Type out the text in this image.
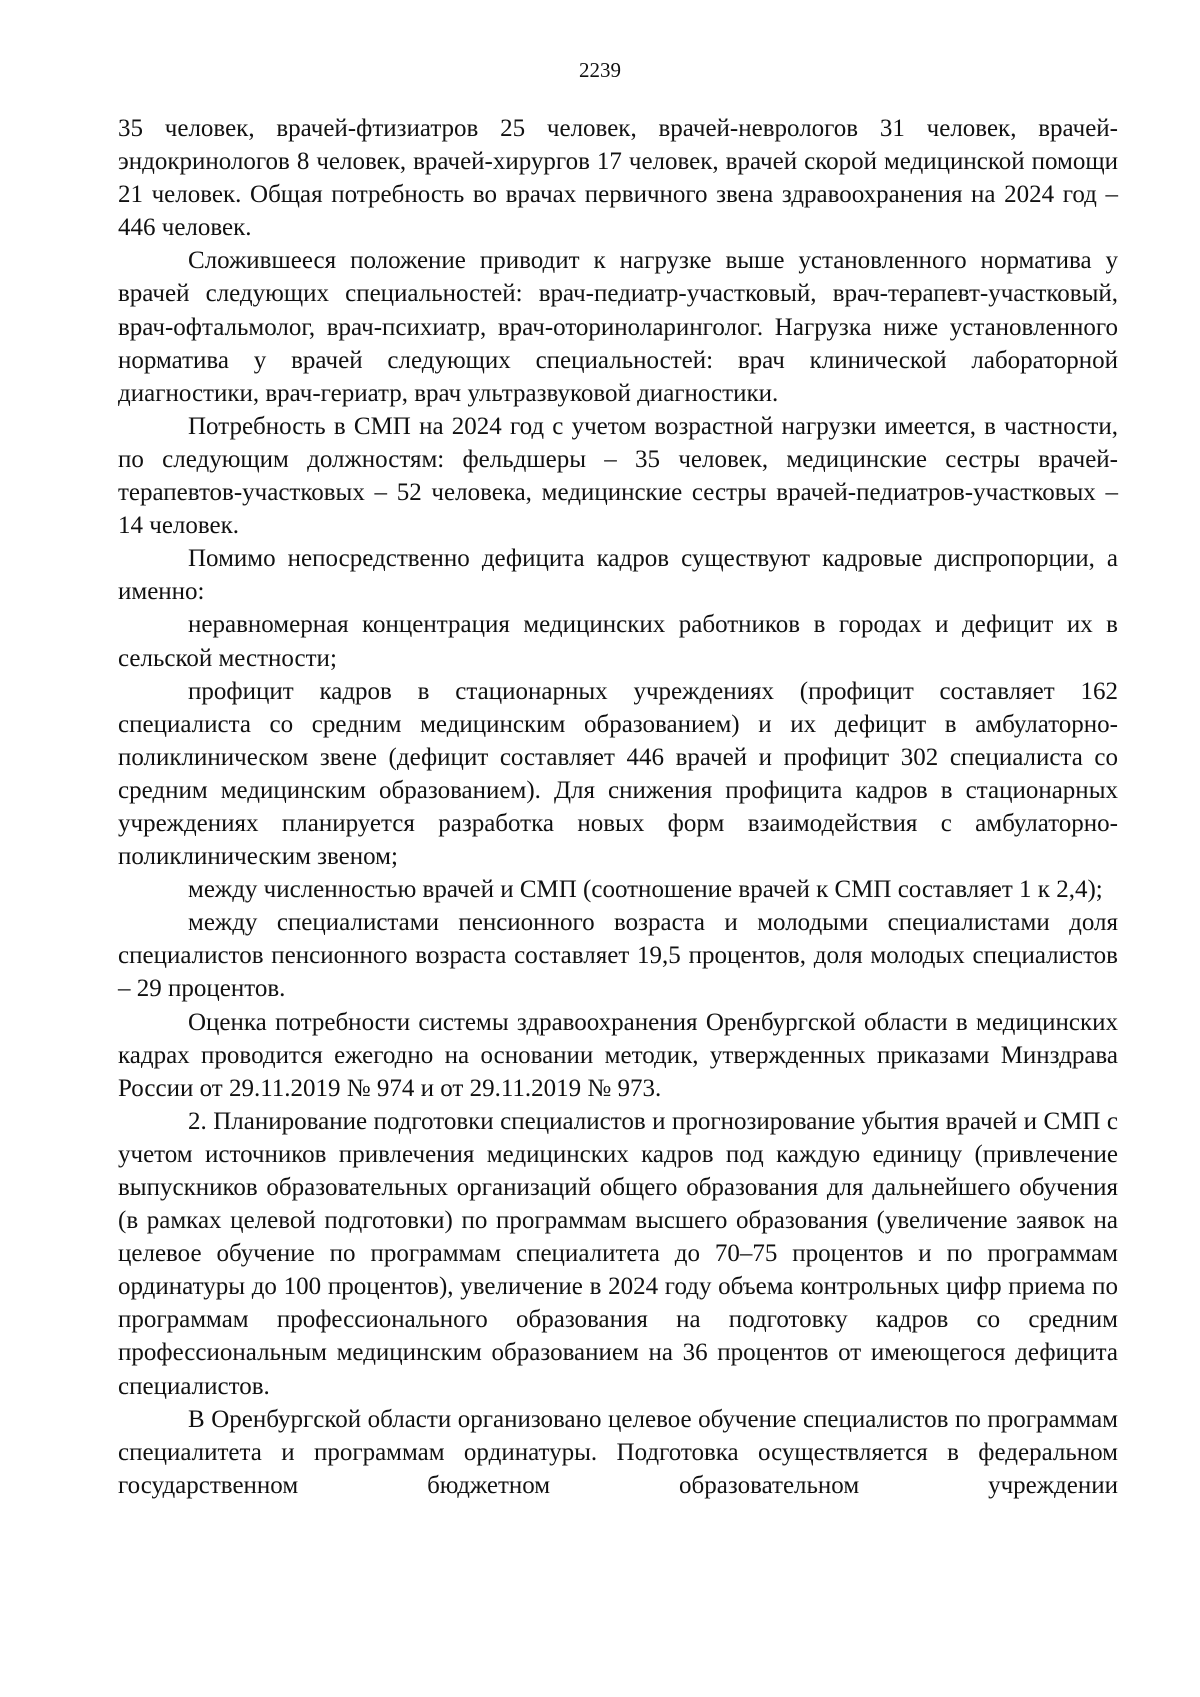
2239

35 человек, врачей-фтизиатров 25 человек, врачей-неврологов 31 человек, врачей-эндокринологов 8 человек, врачей-хирургов 17 человек, врачей скорой медицинской помощи 21 человек. Общая потребность во врачах первичного звена здравоохранения на 2024 год – 446 человек.

Сложившееся положение приводит к нагрузке выше установленного норматива у врачей следующих специальностей: врач-педиатр-участковый, врач-терапевт-участковый, врач-офтальмолог, врач-психиатр, врач-оториноларинголог. Нагрузка ниже установленного норматива у врачей следующих специальностей: врач клинической лабораторной диагностики, врач-гериатр, врач ультразвуковой диагностики.

Потребность в СМП на 2024 год с учетом возрастной нагрузки имеется, в частности, по следующим должностям: фельдшеры – 35 человек, медицинские сестры врачей-терапевтов-участковых – 52 человека, медицинские сестры врачей-педиатров-участковых – 14 человек.

Помимо непосредственно дефицита кадров существуют кадровые диспропорции, а именно:

неравномерная концентрация медицинских работников в городах и дефицит их в сельской местности;

профицит кадров в стационарных учреждениях (профицит составляет 162 специалиста со средним медицинским образованием) и их дефицит в амбулаторно-поликлиническом звене (дефицит составляет 446 врачей и профицит 302 специалиста со средним медицинским образованием). Для снижения профицита кадров в стационарных учреждениях планируется разработка новых форм взаимодействия с амбулаторно-поликлиническим звеном;

между численностью врачей и СМП (соотношение врачей к СМП составляет 1 к 2,4);

между специалистами пенсионного возраста и молодыми специалистами доля специалистов пенсионного возраста составляет 19,5 процентов, доля молодых специалистов – 29 процентов.

Оценка потребности системы здравоохранения Оренбургской области в медицинских кадрах проводится ежегодно на основании методик, утвержденных приказами Минздрава России от 29.11.2019 № 974 и от 29.11.2019 № 973.

2. Планирование подготовки специалистов и прогнозирование убытия врачей и СМП с учетом источников привлечения медицинских кадров под каждую единицу (привлечение выпускников образовательных организаций общего образования для дальнейшего обучения (в рамках целевой подготовки) по программам высшего образования (увеличение заявок на целевое обучение по программам специалитета до 70–75 процентов и по программам ординатуры до 100 процентов), увеличение в 2024 году объема контрольных цифр приема по программам профессионального образования на подготовку кадров со средним профессиональным медицинским образованием на 36 процентов от имеющегося дефицита специалистов.

В Оренбургской области организовано целевое обучение специалистов по программам специалитета и программам ординатуры. Подготовка осуществляется в федеральном государственном бюджетном образовательном учреждении
